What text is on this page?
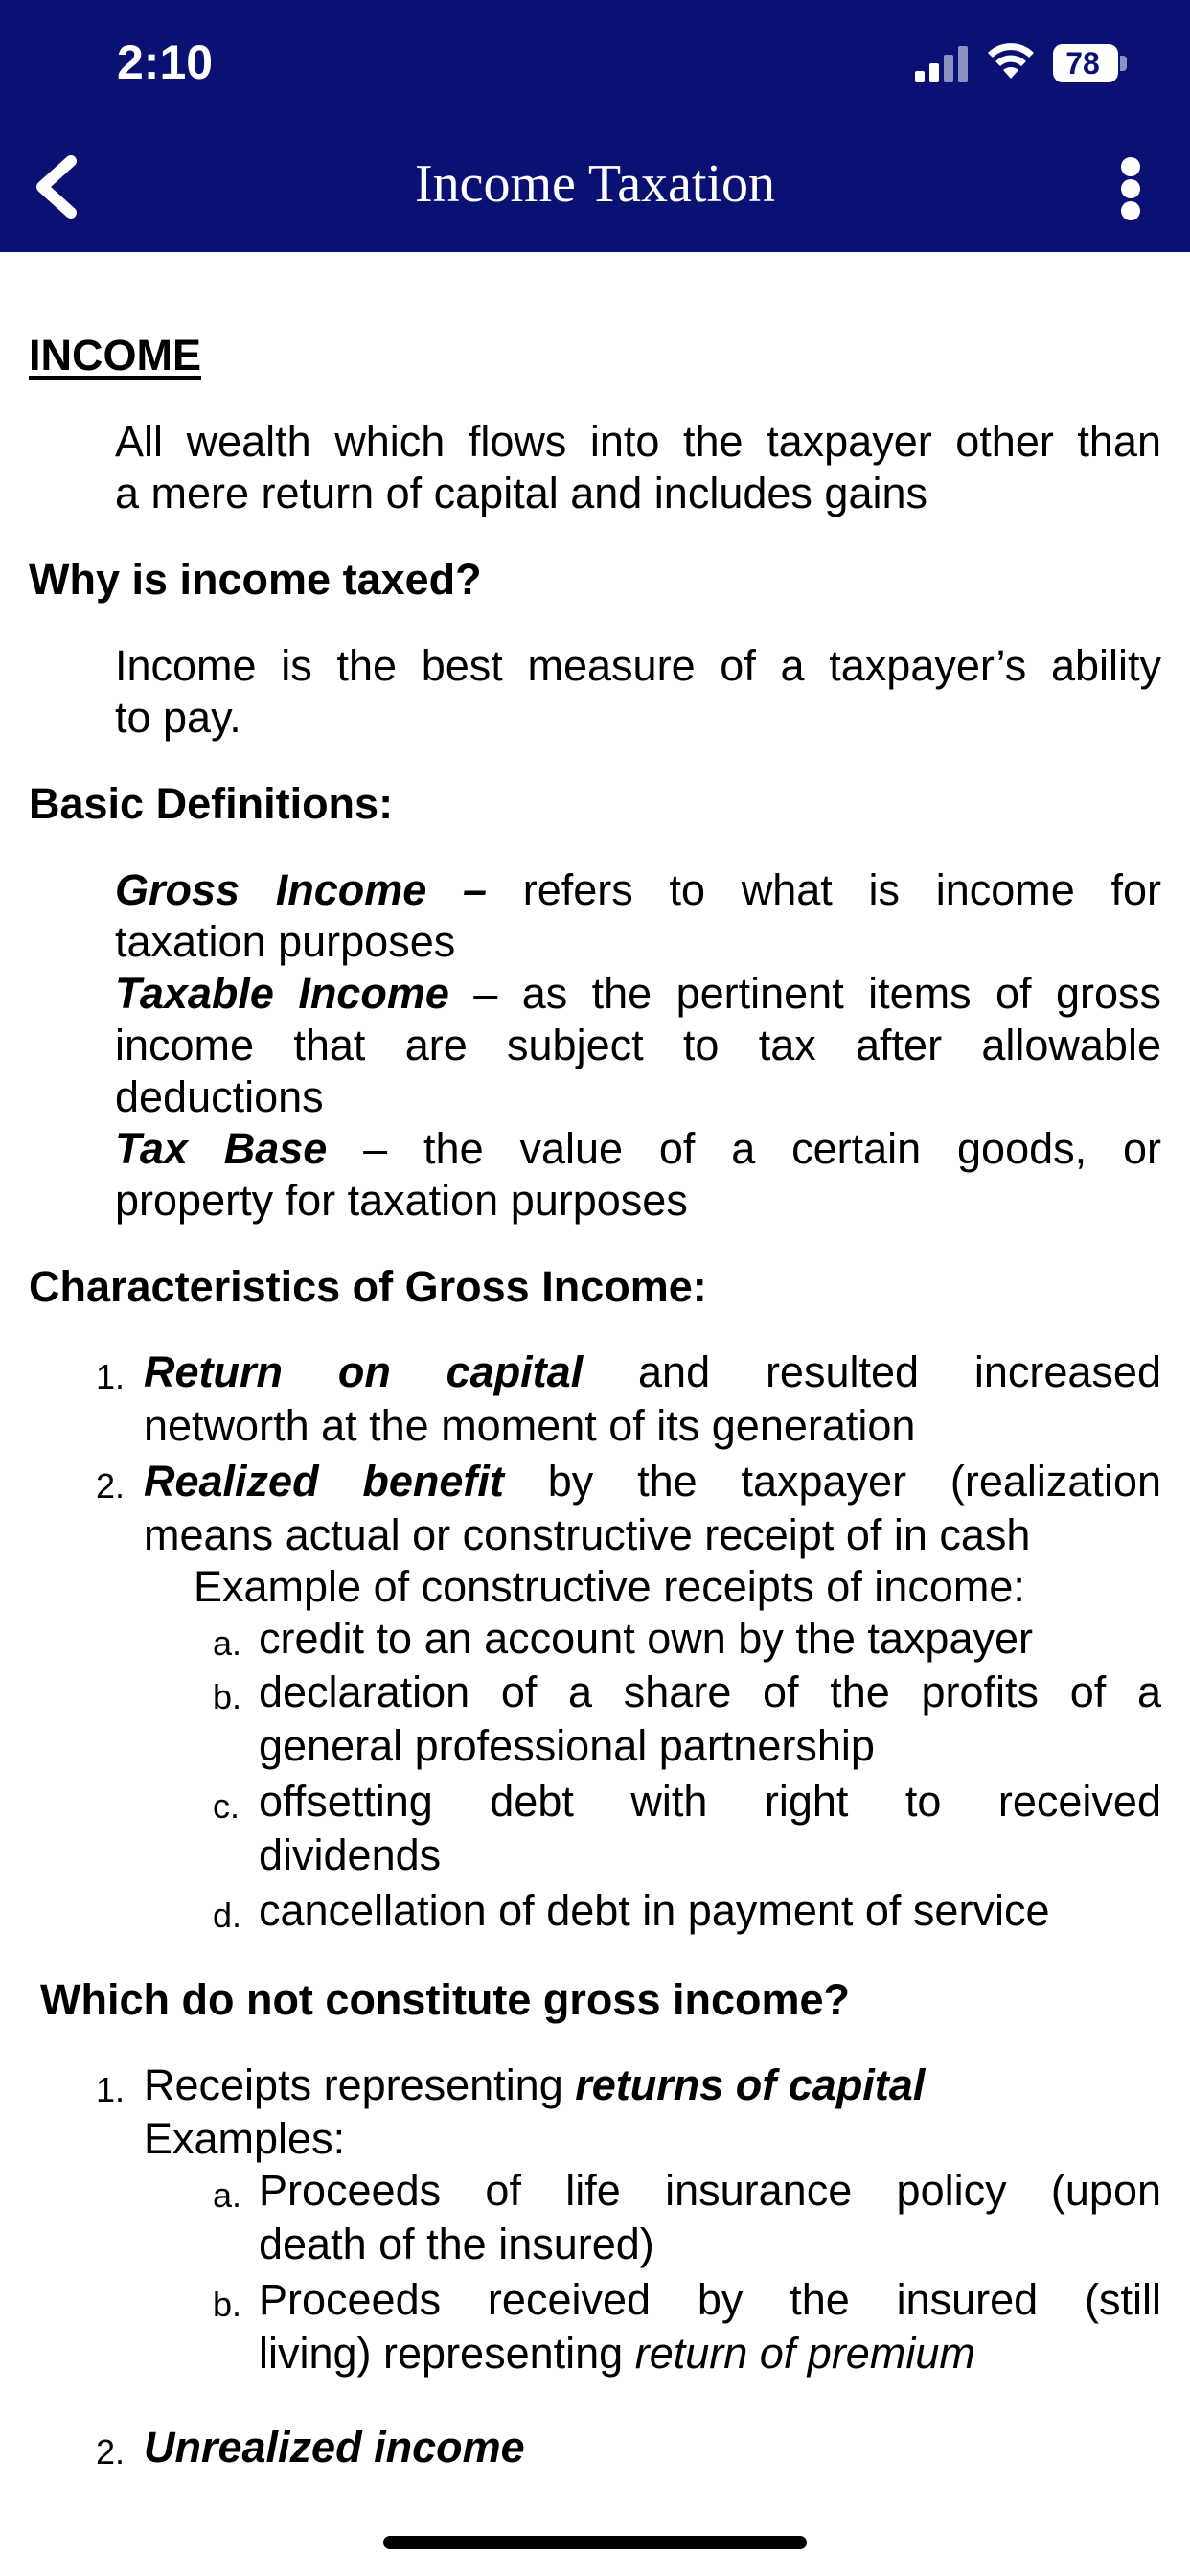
2:10	78
Income Taxation
INCOME
All wealth which flows into the taxpayer other than
a mere return of capital and includes gains
Why is income taxed?
Income is the best measure of a taxpayer’s ability
to pay.
Basic Definitions:
Gross Income – refers to what is income for
taxation purposes
Taxable Income – as the pertinent items of gross
income that are subject to tax after allowable
deductions
Tax Base – the value of a certain goods, or
property for taxation purposes
Characteristics of Gross Income:
1. Return on capital and resulted increased
networth at the moment of its generation
2. Realized benefit by the taxpayer (realization
means actual or constructive receipt of in cash
Example of constructive receipts of income:
a. credit to an account own by the taxpayer
b. declaration of a share of the profits of a
general professional partnership
c. offsetting debt with right to received
dividends
d. cancellation of debt in payment of service
Which do not constitute gross income?
1. Receipts representing returns of capital
Examples:
a. Proceeds of life insurance policy (upon
death of the insured)
b. Proceeds received by the insured (still
living) representing return of premium
2. Unrealized income
